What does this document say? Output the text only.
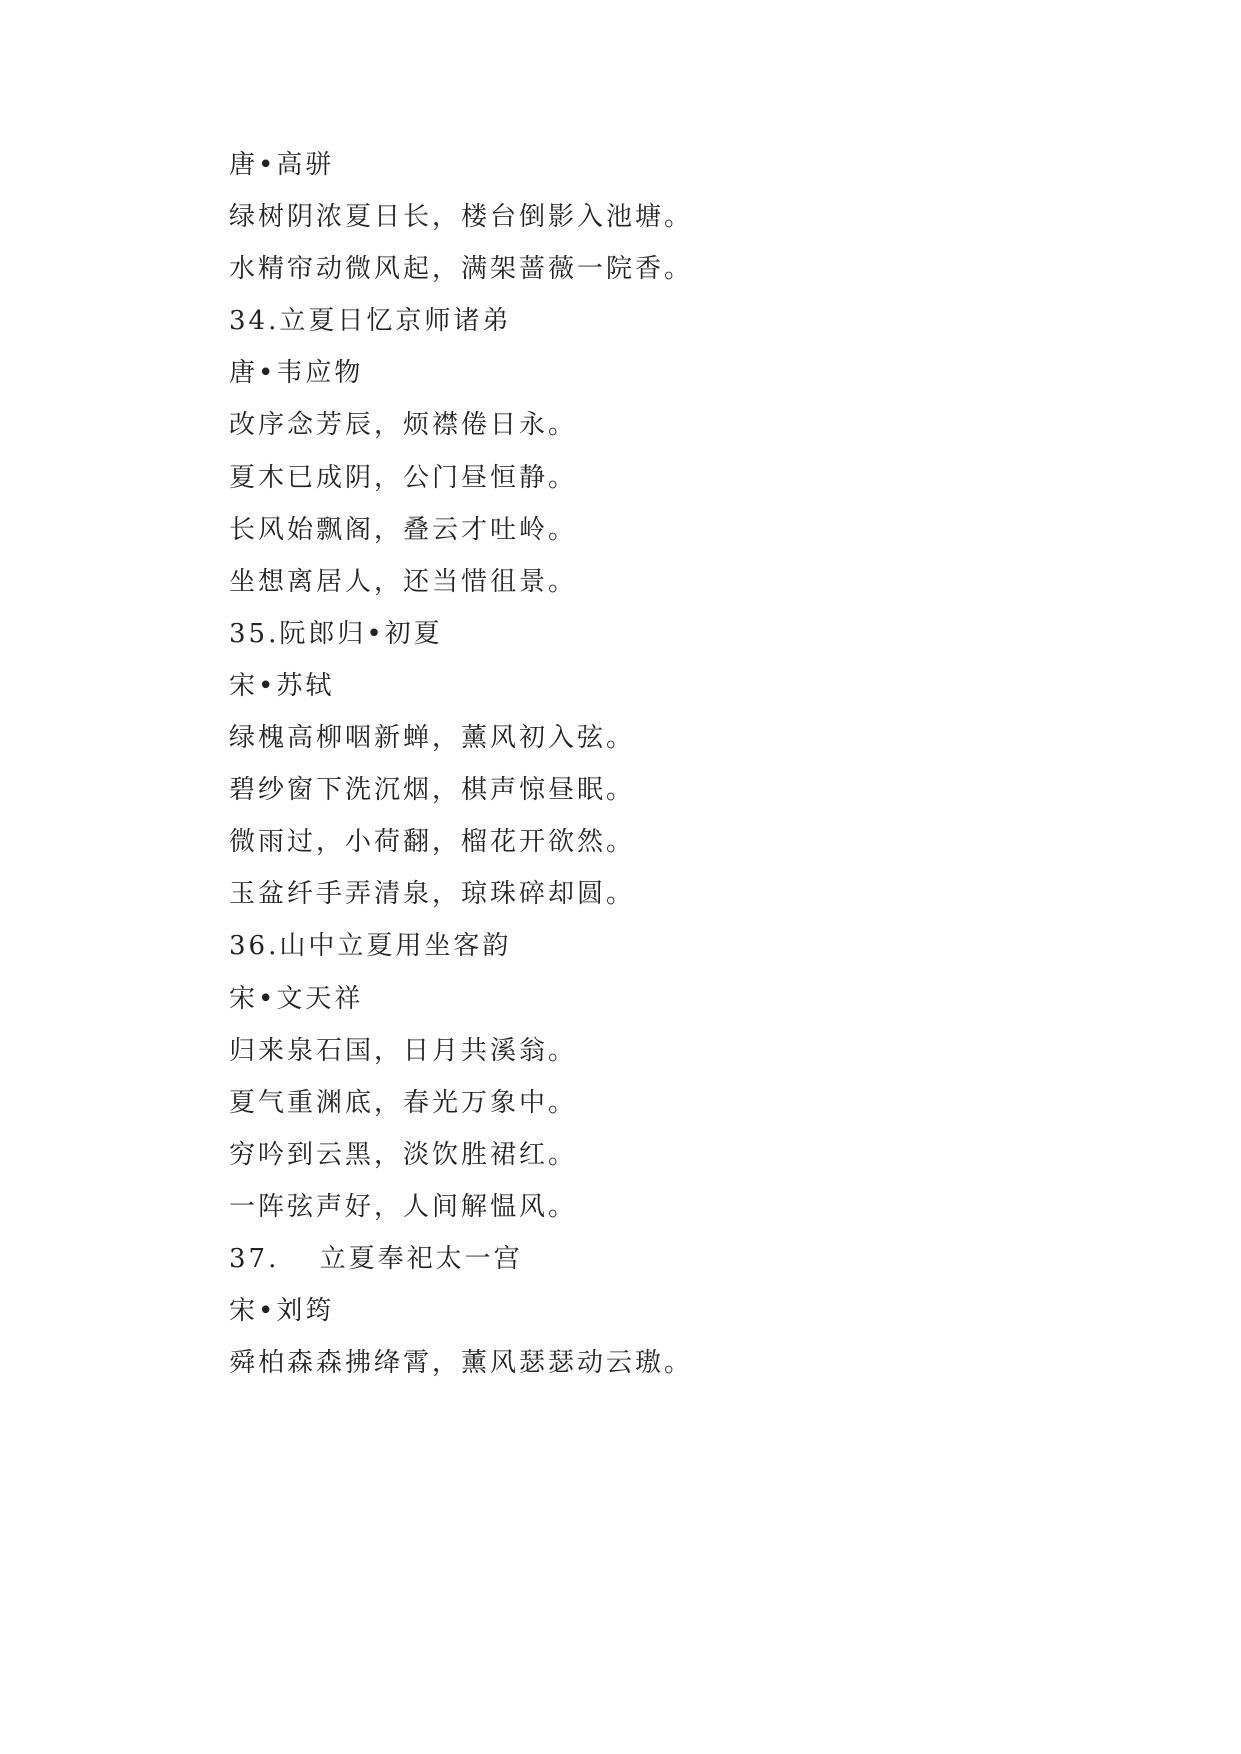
唐•高骈
绿树阴浓夏日长，楼台倒影入池塘。
水精帘动微风起，满架蔷薇一院香。
34.立夏日忆京师诸弟
唐•韦应物
改序念芳辰，烦襟倦日永。
夏木已成阴，公门昼恒静。
长风始飘阁，叠云才吐岭。
坐想离居人，还当惜徂景。
35.阮郎归•初夏
宋•苏轼
绿槐高柳咽新蝉，薰风初入弦。
碧纱窗下洗沉烟，棋声惊昼眠。
微雨过，小荷翻，榴花开欲然。
玉盆纤手弄清泉，琼珠碎却圆。
36.山中立夏用坐客韵
宋•文天祥
归来泉石国，日月共溪翁。
夏气重渊底，春光万象中。
穷吟到云黑，淡饮胜裙红。
一阵弦声好，人间解愠风。
37.　 立夏奉祀太一宫
宋•刘筠
舜柏森森拂绛霄，薰风瑟瑟动云璈。
